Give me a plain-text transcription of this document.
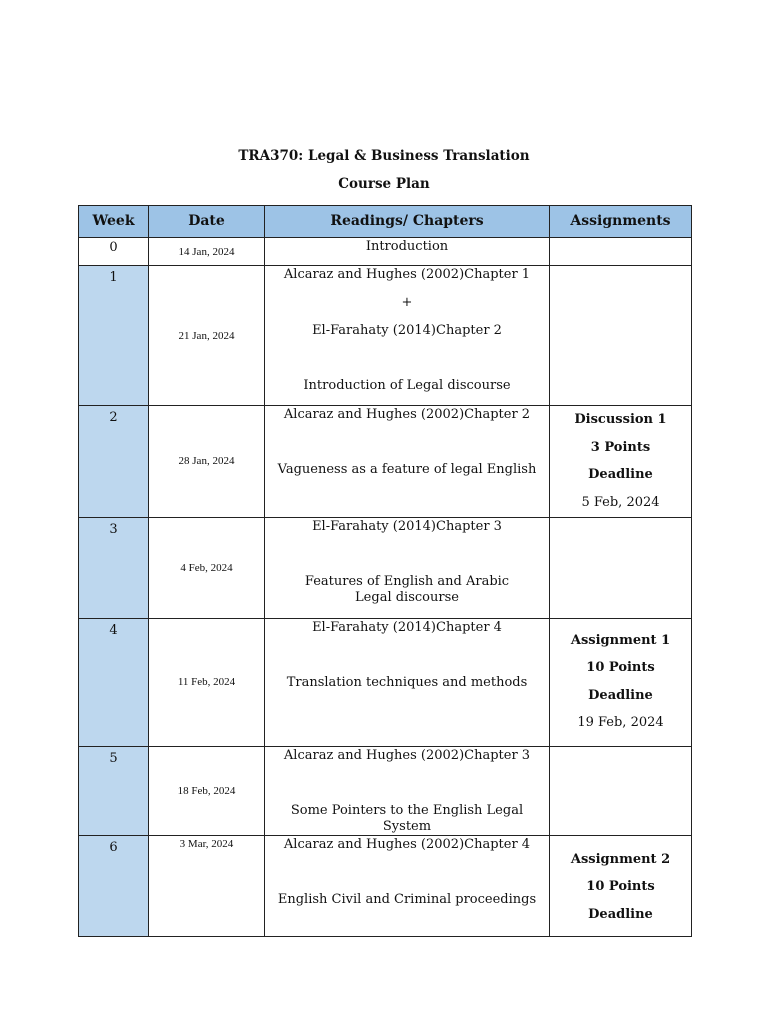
TRA370: Legal & Business Translation
Course Plan
Week	Date	Readings/ Chapters	Assignments
0	14 Jan, 2024	Introduction	

1	21 Jan, 2024	Alcaraz and Hughes (2002)Chapter 1
+
El-Farahaty (2014)Chapter 2
Introduction of Legal discourse	

2	28 Jan, 2024	Alcaraz and Hughes (2002)Chapter 2
Vagueness as a feature of legal English	Discussion 1
3 Points
Deadline
5 Feb, 2024

3	4 Feb, 2024	El-Farahaty (2014)Chapter 3
Features of English and Arabic Legal discourse	

4	11 Feb, 2024	El-Farahaty (2014)Chapter 4
Translation techniques and methods	Assignment 1
10 Points
Deadline
19 Feb, 2024

5	18 Feb, 2024	Alcaraz and Hughes (2002)Chapter 3
Some Pointers to the English Legal System	

6	3 Mar, 2024	Alcaraz and Hughes (2002)Chapter 4
English Civil and Criminal proceedings	Assignment 2
10 Points
Deadline
